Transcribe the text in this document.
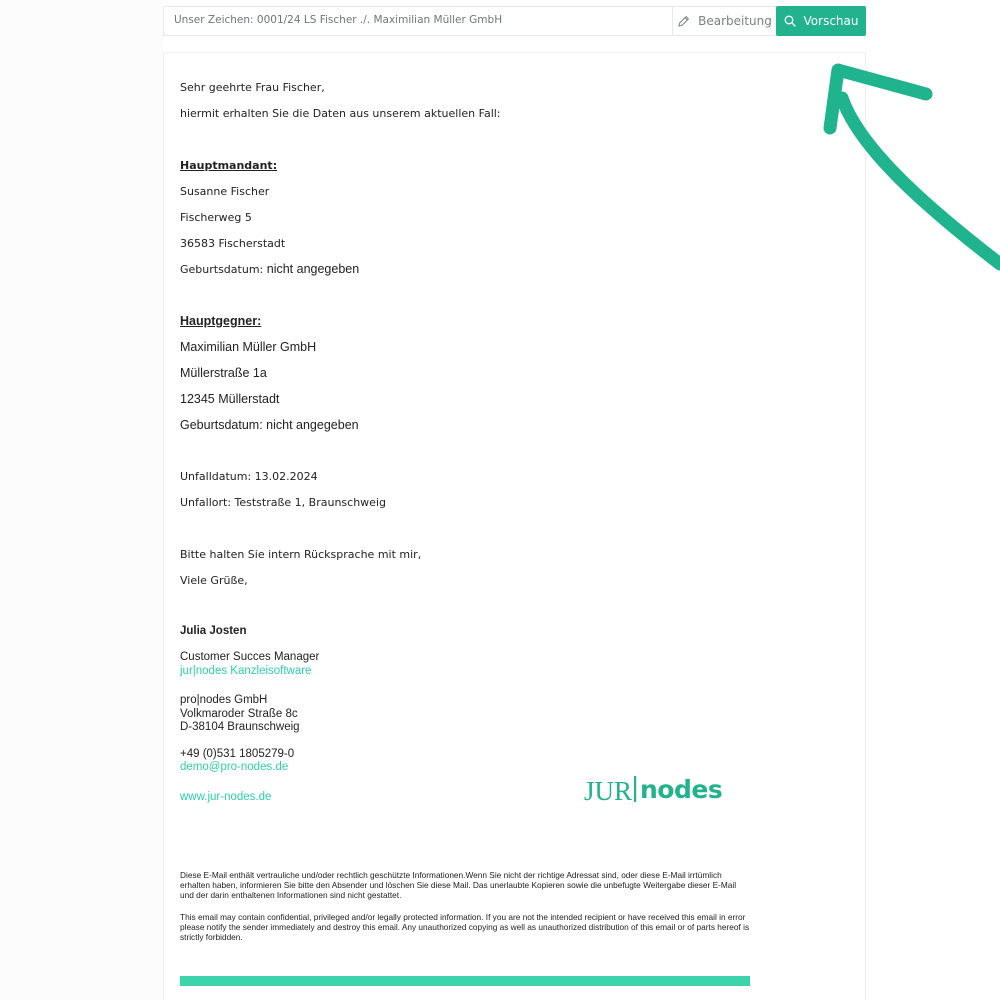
Unser Zeichen: 0001/24 LS Fischer ./. Maximilian Müller GmbH	Bearbeitung	Vorschau
Sehr geehrte Frau Fischer,
hiermit erhalten Sie die Daten aus unserem aktuellen Fall:
Hauptmandant:
Susanne Fischer
Fischerweg 5
36583 Fischerstadt
Geburtsdatum: nicht angegeben
Hauptgegner:
Maximilian Müller GmbH
Müllerstraße 1a
12345 Müllerstadt
Geburtsdatum: nicht angegeben
Unfalldatum: 13.02.2024
Unfallort: Teststraße 1, Braunschweig
Bitte halten Sie intern Rücksprache mit mir,
Viele Grüße,
Julia Josten
Customer Succes Manager
jur|nodes Kanzleisoftware
pro|nodes GmbH
Volkmaroder Straße 8c
D-38104 Braunschweig
+49 (0)531 1805279-0
demo@pro-nodes.de
www.jur-nodes.de	JUR nodes
Diese E-Mail enthält vertrauliche und/oder rechtlich geschützte Informationen.Wenn Sie nicht der richtige Adressat sind, oder diese E-Mail irrtümlich erhalten haben, informieren Sie bitte den Absender und löschen Sie diese Mail. Das unerlaubte Kopieren sowie die unbefugte Weitergabe dieser E-Mail und der darin enthaltenen Informationen sind nicht gestattet.
This email may contain confidential, privileged and/or legally protected information. If you are not the intended recipient or have received this email in error please notify the sender immediately and destroy this email. Any unauthorized copying as well as unauthorized distribution of this email or of parts hereof is strictly forbidden.
